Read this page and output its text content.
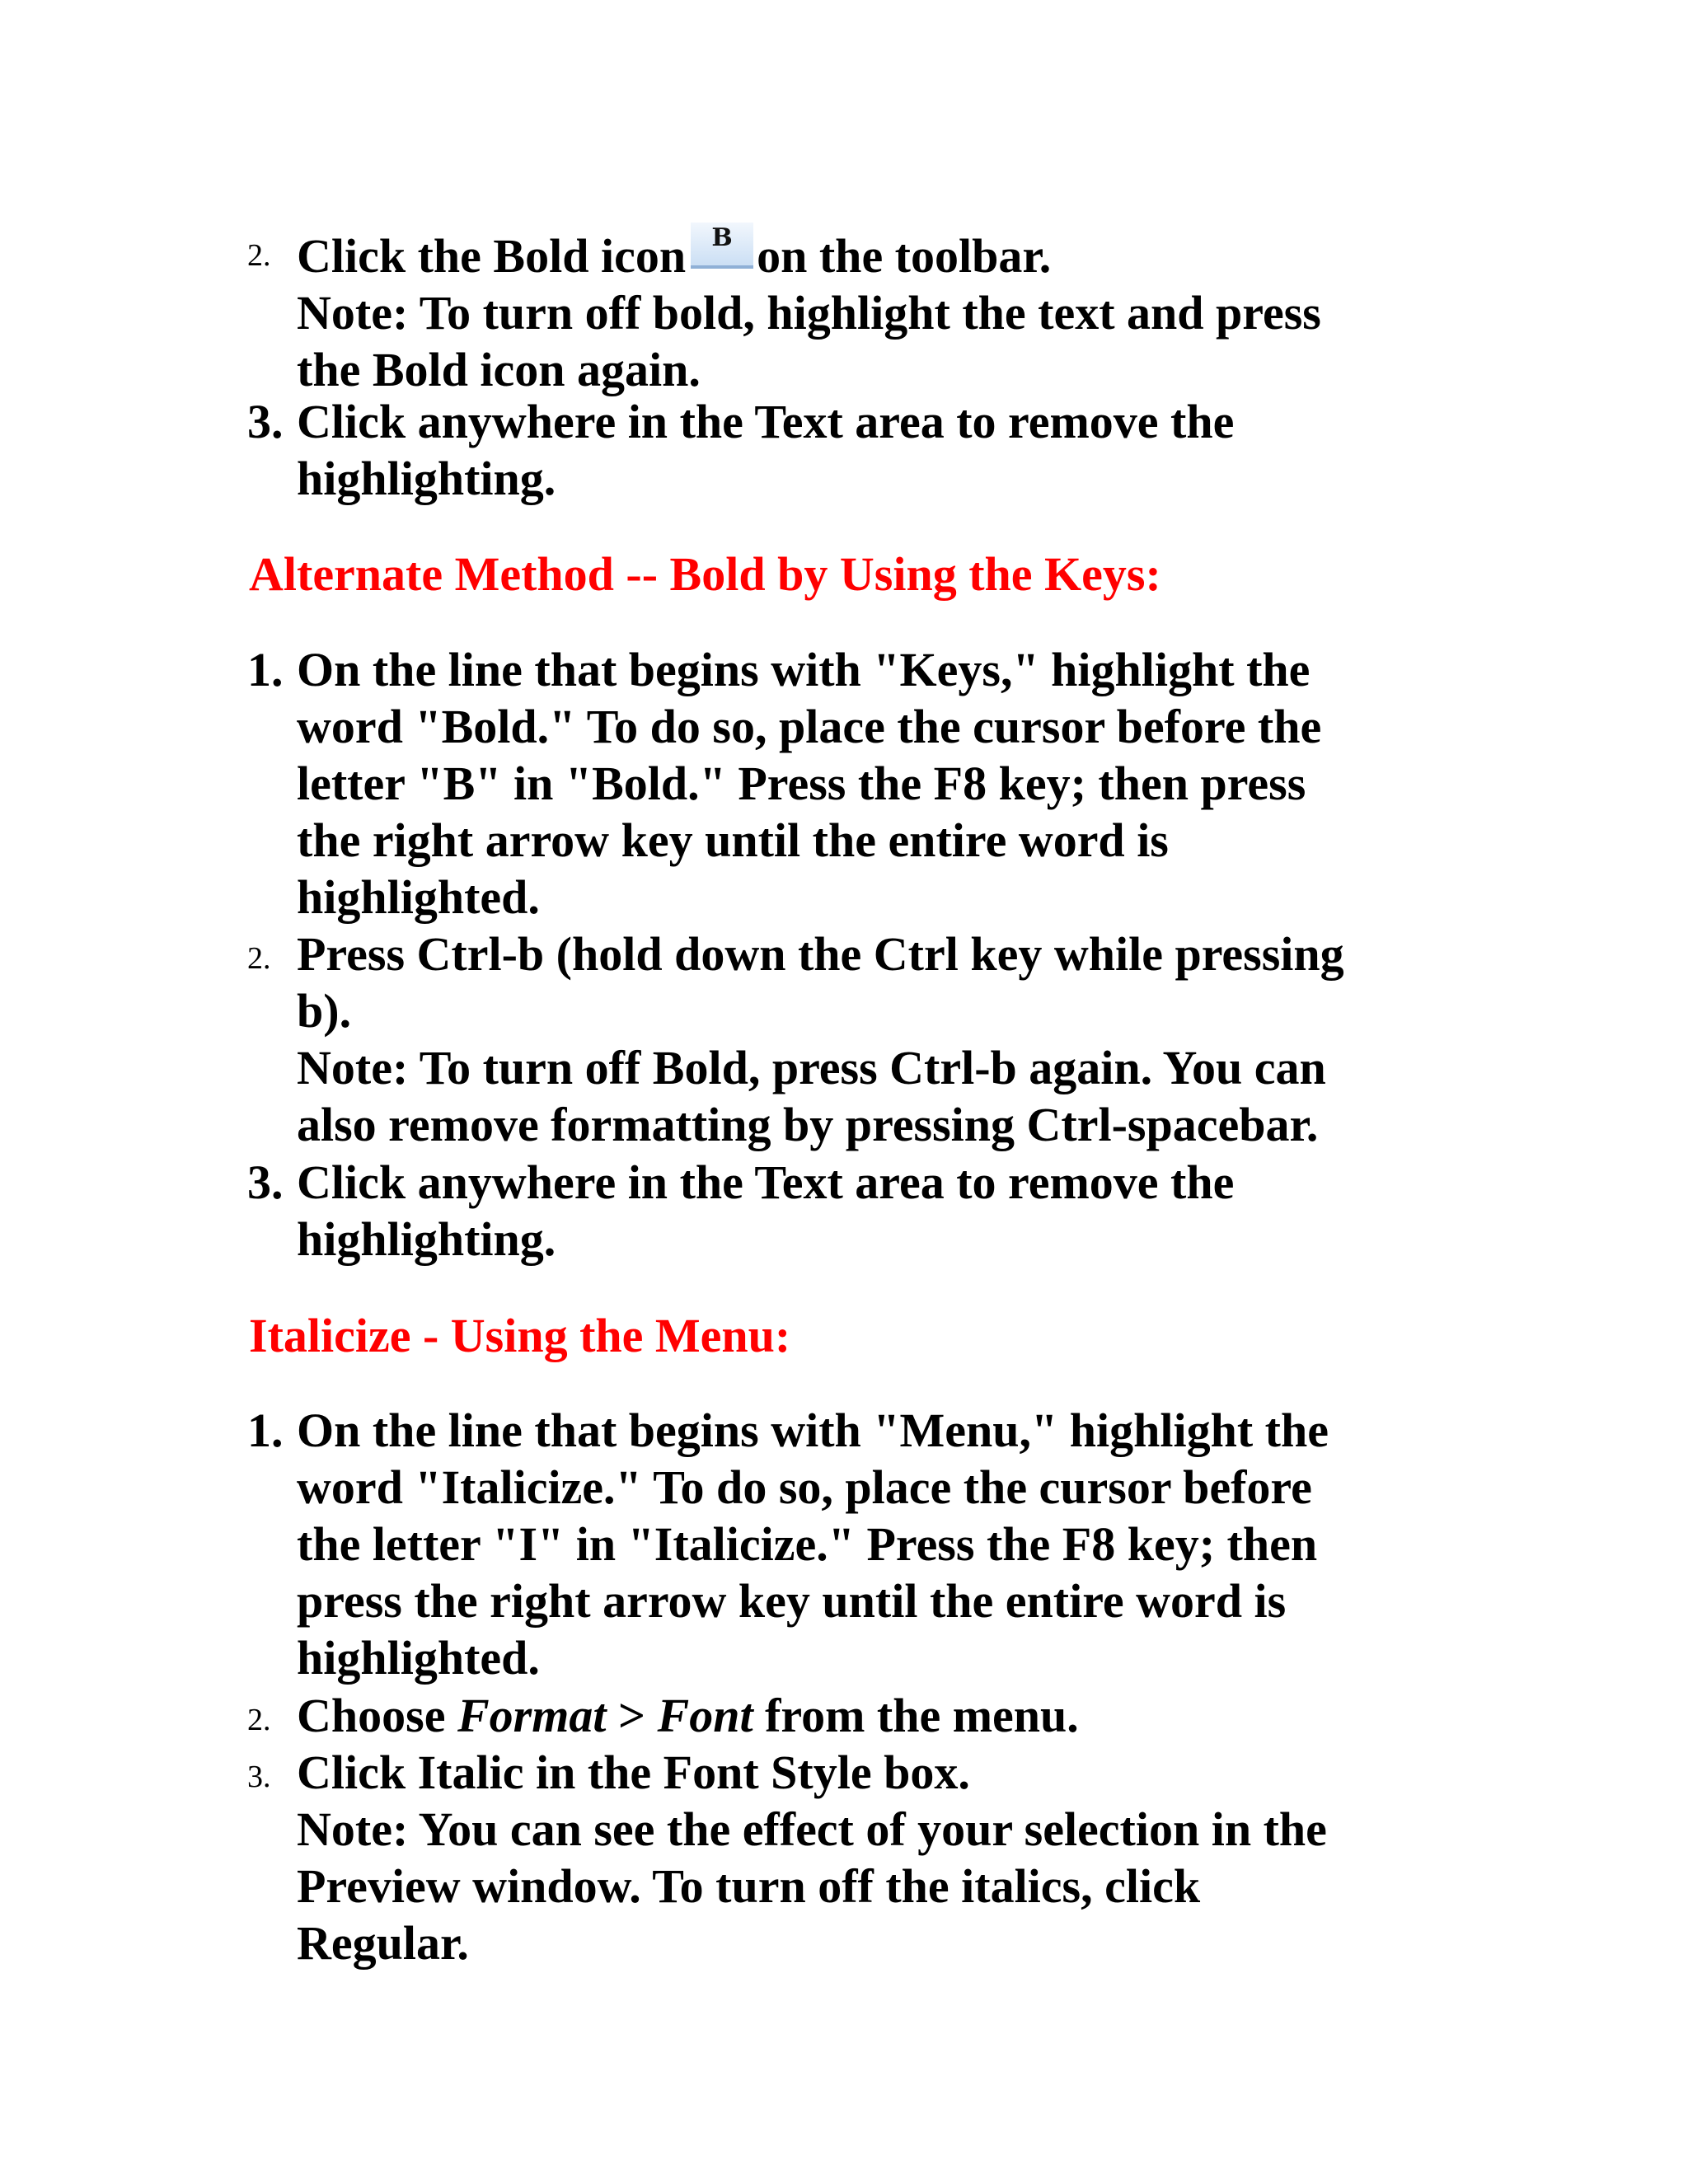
2. Click the Bold icon	B on the toolbar.
Note: To turn off bold, highlight the text and press
the Bold icon again.
3. Click anywhere in the Text area to remove the
highlighting.
Alternate Method -- Bold by Using the Keys:
1. On the line that begins with "Keys," highlight the
word "Bold." To do so, place the cursor before the
letter "B" in "Bold." Press the F8 key; then press
the right arrow key until the entire word is
highlighted.
2. Press Ctrl-b (hold down the Ctrl key while pressing
b).
Note: To turn off Bold, press Ctrl-b again. You can
also remove formatting by pressing Ctrl-spacebar.
3. Click anywhere in the Text area to remove the
highlighting.
Italicize - Using the Menu:
1. On the line that begins with "Menu," highlight the
word "Italicize." To do so, place the cursor before
the letter "I" in "Italicize." Press the F8 key; then
press the right arrow key until the entire word is
highlighted.
2. Choose Format > Font from the menu.
3. Click Italic in the Font Style box.
Note: You can see the effect of your selection in the
Preview window. To turn off the italics, click
Regular.
